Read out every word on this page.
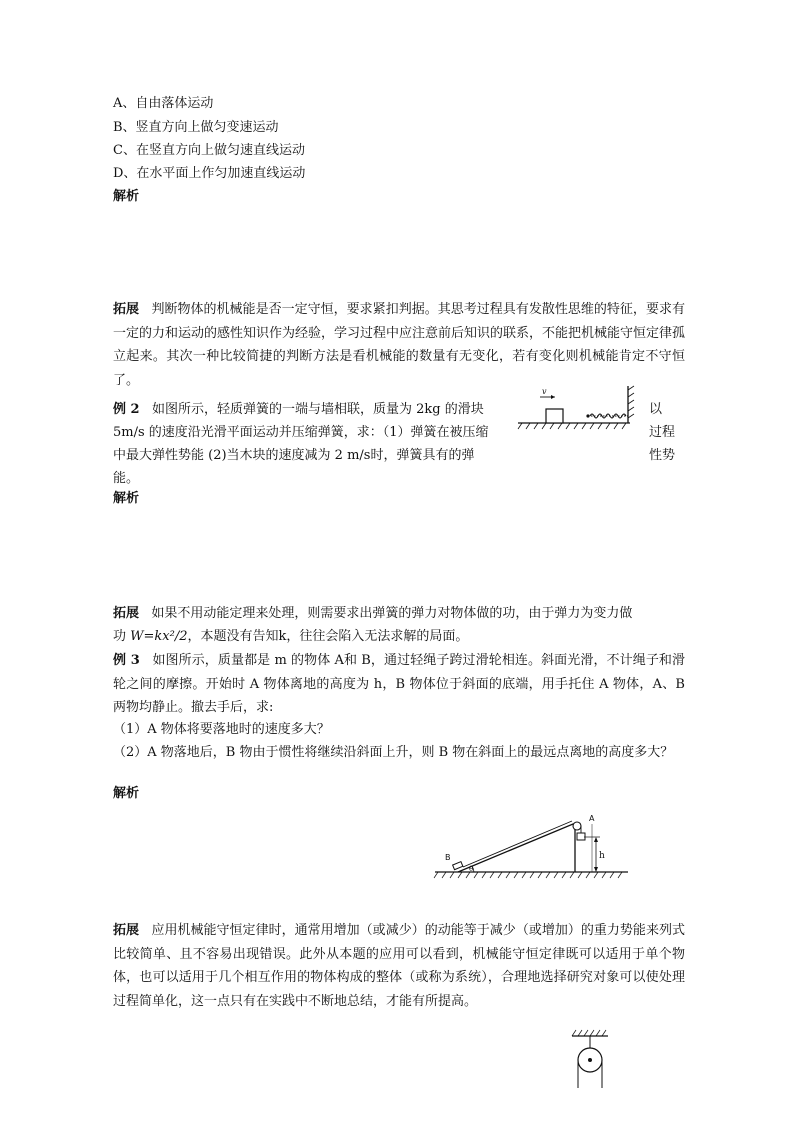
A、自由落体运动
B、竖直方向上做匀变速运动
C、在竖直方向上做匀速直线运动
D、在水平面上作匀加速直线运动
解析

拓展 判断物体的机械能是否一定守恒，要求紧扣判据。其思考过程具有发散性思维的特征，要求有一定的力和运动的感性知识作为经验，学习过程中应注意前后知识的联系，不能把机械能守恒定律孤立起来。其次一种比较简捷的判断方法是看机械能的数量有无变化，若有变化则机械能肯定不守恒了。

例 2 如图所示，轻质弹簧的一端与墙相联，质量为 2kg 的滑块
5m/s 的速度沿光滑平面运动并压缩弹簧，求：（1）弹簧在被压缩
中最大弹性势能 (2)当木块的速度减为 2 m/s时，弹簧具有的弹
能。
以
过程
性势
v
解析
拓展 如果不用动能定理来处理，则需要求出弹簧的弹力对物体做的功，由于弹力为变力做
功 W=kx²/2，本题没有告知k，往往会陷入无法求解的局面。

例 3 如图所示，质量都是 m 的物体 A和 B，通过轻绳子跨过滑轮相连。斜面光滑，不计绳子和滑轮之间的摩擦。开始时 A 物体离地的高度为 h，B 物体位于斜面的底端，用手托住 A 物体，A、B 两物均静止。撤去手后，求:

（1）A 物体将要落地时的速度多大？

（2）A 物落地后，B 物由于惯性将继续沿斜面上升，则 B 物在斜面上的最远点离地的高度多大？

解析
A
B	h
θ

拓展 应用机械能守恒定律时，通常用增加（或减少）的动能等于减少（或增加）的重力势能来列式比较简单、且不容易出现错误。此外从本题的应用可以看到，机械能守恒定律既可以适用于单个物体，也可以适用于几个相互作用的物体构成的整体（或称为系统），合理地选择研究对象可以使处理过程简单化，这一点只有在实践中不断地总结，才能有所提高。
